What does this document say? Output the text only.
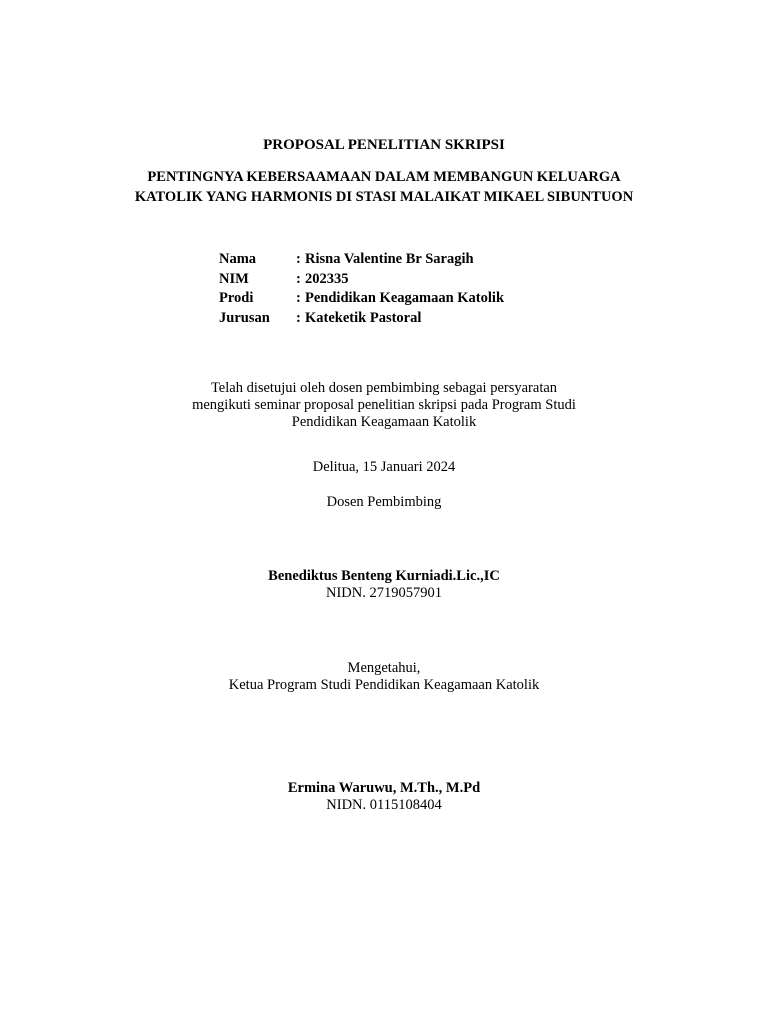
PROPOSAL PENELITIAN SKRIPSI
PENTINGNYA KEBERSAAMAAN DALAM MEMBANGUN KELUARGA
KATOLIK YANG HARMONIS DI STASI MALAIKAT MIKAEL SIBUNTUON
Nama	: Risna Valentine Br Saragih
NIM	: 202335
Prodi	: Pendidikan Keagamaan Katolik
Jurusan	: Kateketik Pastoral
Telah disetujui oleh dosen pembimbing sebagai persyaratan
mengikuti seminar proposal penelitian skripsi pada Program Studi
Pendidikan Keagamaan Katolik
Delitua, 15 Januari 2024
Dosen Pembimbing
Benediktus Benteng Kurniadi.Lic.,IC
NIDN. 2719057901
Mengetahui,
Ketua Program Studi Pendidikan Keagamaan Katolik
Ermina Waruwu, M.Th., M.Pd
NIDN. 0115108404
